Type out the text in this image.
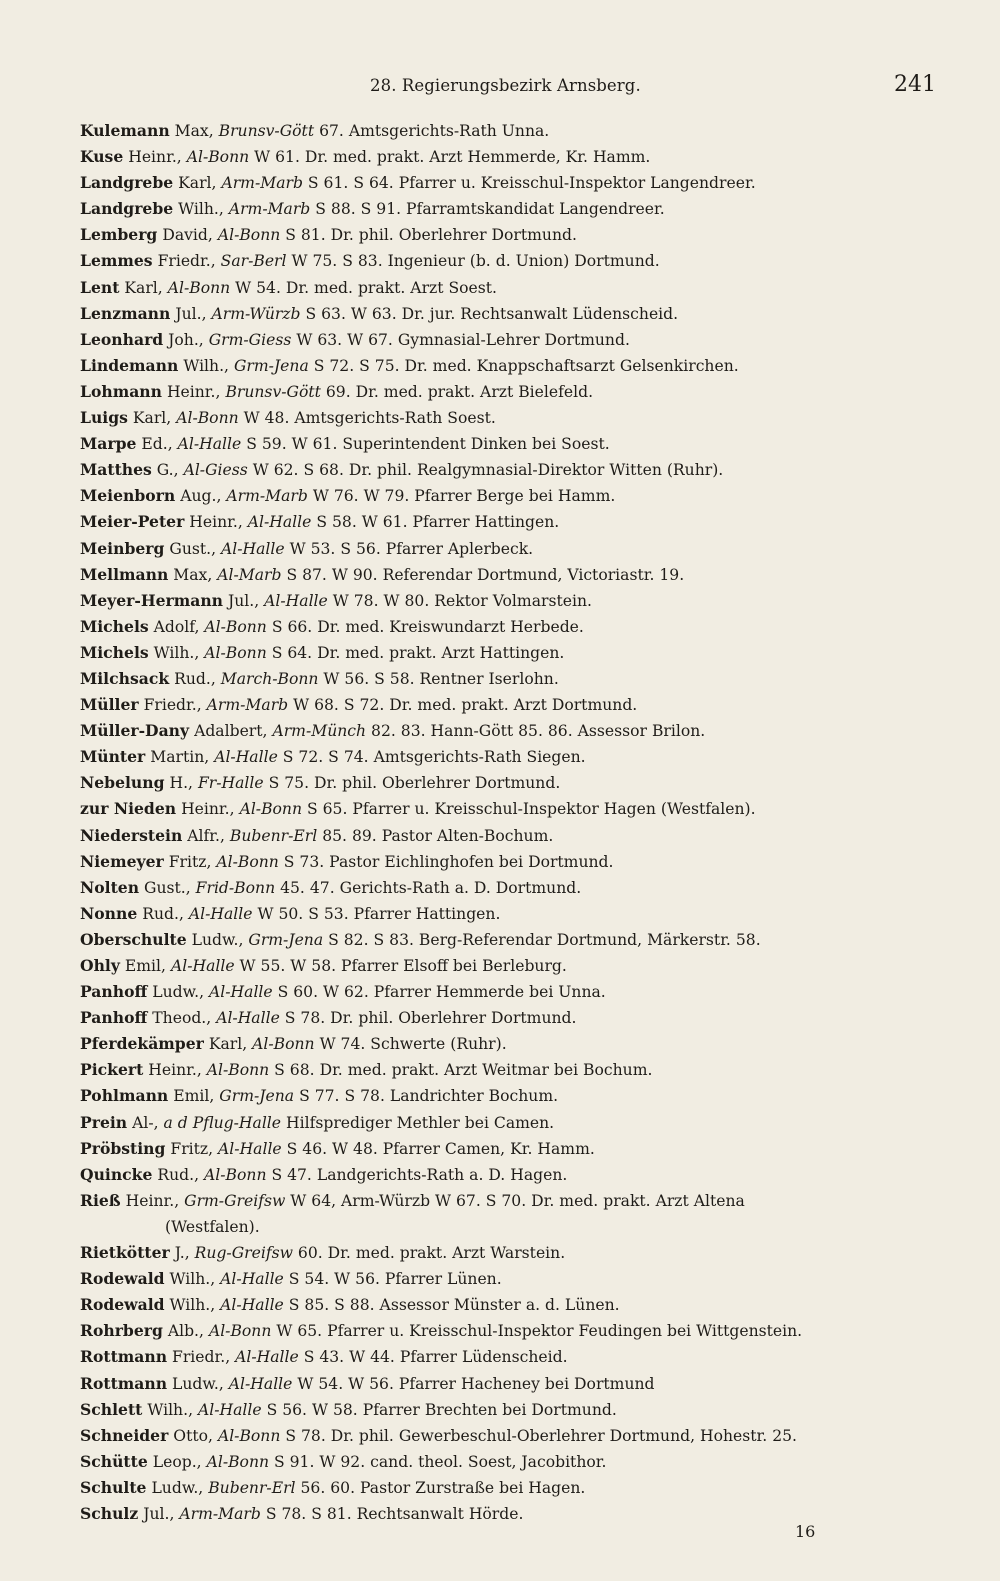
28. Regierungsbezirk Arnsberg.	241

Kulemann Max, Brunsv-Gött 67. Amtsgerichts-Rath Unna.

Kuse Heinr., Al-Bonn W 61. Dr. med. prakt. Arzt Hemmerde, Kr. Hamm.

Landgrebe Karl, Arm-Marb S 61. S 64. Pfarrer u. Kreisschul-Inspektor Langendreer.

Landgrebe Wilh., Arm-Marb S 88. S 91. Pfarramtskandidat Langendreer.

Lemberg David, Al-Bonn S 81. Dr. phil. Oberlehrer Dortmund.

Lemmes Friedr., Sar-Berl W 75. S 83. Ingenieur (b. d. Union) Dortmund.

Lent Karl, Al-Bonn W 54. Dr. med. prakt. Arzt Soest.

Lenzmann Jul., Arm-Würzb S 63. W 63. Dr. jur. Rechtsanwalt Lüdenscheid.

Leonhard Joh., Grm-Giess W 63. W 67. Gymnasial-Lehrer Dortmund.

Lindemann Wilh., Grm-Jena S 72. S 75. Dr. med. Knappschaftsarzt Gelsenkirchen.

Lohmann Heinr., Brunsv-Gött 69. Dr. med. prakt. Arzt Bielefeld.

Luigs Karl, Al-Bonn W 48. Amtsgerichts-Rath Soest.

Marpe Ed., Al-Halle S 59. W 61. Superintendent Dinken bei Soest.

Matthes G., Al-Giess W 62. S 68. Dr. phil. Realgymnasial-Direktor Witten (Ruhr).

Meienborn Aug., Arm-Marb W 76. W 79. Pfarrer Berge bei Hamm.

Meier-Peter Heinr., Al-Halle S 58. W 61. Pfarrer Hattingen.

Meinberg Gust., Al-Halle W 53. S 56. Pfarrer Aplerbeck.

Mellmann Max, Al-Marb S 87. W 90. Referendar Dortmund, Victoriastr. 19.

Meyer-Hermann Jul., Al-Halle W 78. W 80. Rektor Volmarstein.

Michels Adolf, Al-Bonn S 66. Dr. med. Kreiswundarzt Herbede.

Michels Wilh., Al-Bonn S 64. Dr. med. prakt. Arzt Hattingen.

Milchsack Rud., March-Bonn W 56. S 58. Rentner Iserlohn.

Müller Friedr., Arm-Marb W 68. S 72. Dr. med. prakt. Arzt Dortmund.

Müller-Dany Adalbert, Arm-Münch 82. 83. Hann-Gött 85. 86. Assessor Brilon.

Münter Martin, Al-Halle S 72. S 74. Amtsgerichts-Rath Siegen.

Nebelung H., Fr-Halle S 75. Dr. phil. Oberlehrer Dortmund.

zur Nieden Heinr., Al-Bonn S 65. Pfarrer u. Kreisschul-Inspektor Hagen (Westfalen).

Niederstein Alfr., Bubenr-Erl 85. 89. Pastor Alten-Bochum.

Niemeyer Fritz, Al-Bonn S 73. Pastor Eichlinghofen bei Dortmund.

Nolten Gust., Frid-Bonn 45. 47. Gerichts-Rath a. D. Dortmund.

Nonne Rud., Al-Halle W 50. S 53. Pfarrer Hattingen.

Oberschulte Ludw., Grm-Jena S 82. S 83. Berg-Referendar Dortmund, Märkerstr. 58.

Ohly Emil, Al-Halle W 55. W 58. Pfarrer Elsoff bei Berleburg.

Panhoff Ludw., Al-Halle S 60. W 62. Pfarrer Hemmerde bei Unna.

Panhoff Theod., Al-Halle S 78. Dr. phil. Oberlehrer Dortmund.

Pferdekämper Karl, Al-Bonn W 74. Schwerte (Ruhr).

Pickert Heinr., Al-Bonn S 68. Dr. med. prakt. Arzt Weitmar bei Bochum.

Pohlmann Emil, Grm-Jena S 77. S 78. Landrichter Bochum.

Prein Al-, a d Pflug-Halle Hilfsprediger Methler bei Camen.

Pröbsting Fritz, Al-Halle S 46. W 48. Pfarrer Camen, Kr. Hamm.

Quincke Rud., Al-Bonn S 47. Landgerichts-Rath a. D. Hagen.

Rieß Heinr., Grm-Greifsw W 64, Arm-Würzb W 67. S 70. Dr. med. prakt. Arzt Altena

(Westfalen).

Rietkötter J., Rug-Greifsw 60. Dr. med. prakt. Arzt Warstein.

Rodewald Wilh., Al-Halle S 54. W 56. Pfarrer Lünen.

Rodewald Wilh., Al-Halle S 85. S 88. Assessor Münster a. d. Lünen.

Rohrberg Alb., Al-Bonn W 65. Pfarrer u. Kreisschul-Inspektor Feudingen bei Wittgenstein.

Rottmann Friedr., Al-Halle S 43. W 44. Pfarrer Lüdenscheid.

Rottmann Ludw., Al-Halle W 54. W 56. Pfarrer Hacheney bei Dortmund

Schlett Wilh., Al-Halle S 56. W 58. Pfarrer Brechten bei Dortmund.

Schneider Otto, Al-Bonn S 78. Dr. phil. Gewerbeschul-Oberlehrer Dortmund, Hohestr. 25.

Schütte Leop., Al-Bonn S 91. W 92. cand. theol. Soest, Jacobithor.

Schulte Ludw., Bubenr-Erl 56. 60. Pastor Zurstraße bei Hagen.

Schulz Jul., Arm-Marb S 78. S 81. Rechtsanwalt Hörde.

16
